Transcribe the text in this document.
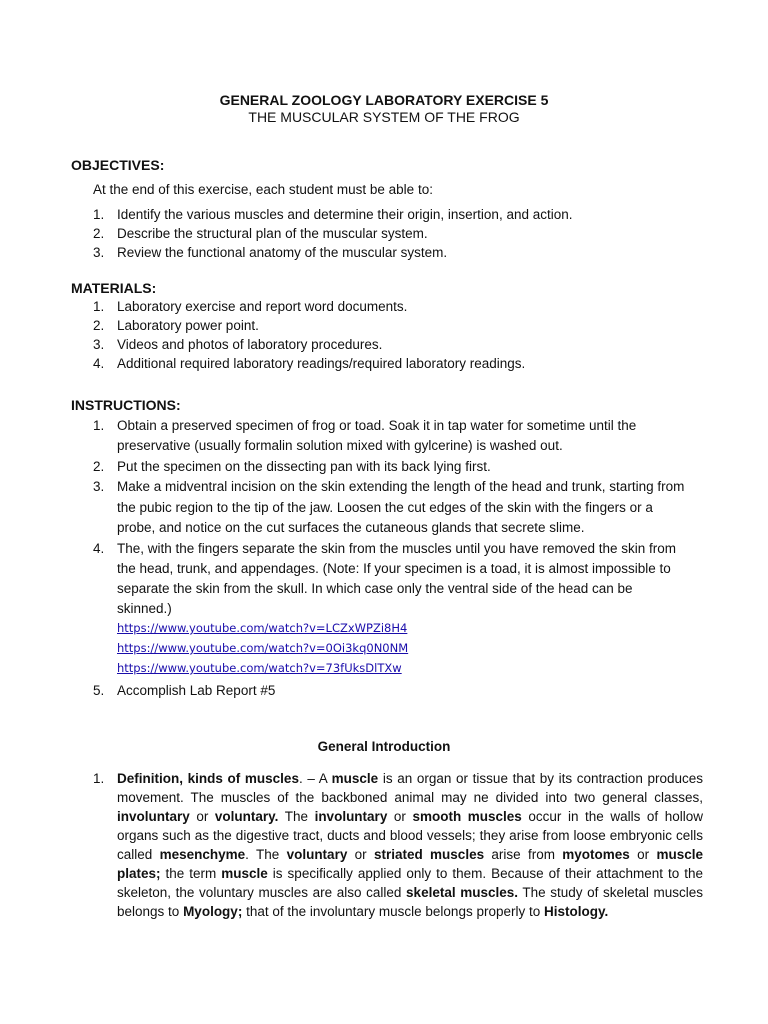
GENERAL ZOOLOGY LABORATORY EXERCISE 5
THE MUSCULAR SYSTEM OF THE FROG
OBJECTIVES:
At the end of this exercise, each student must be able to:
1. Identify the various muscles and determine their origin, insertion, and action.
2. Describe the structural plan of the muscular system.
3. Review the functional anatomy of the muscular system.
MATERIALS:
1. Laboratory exercise and report word documents.
2. Laboratory power point.
3. Videos and photos of laboratory procedures.
4. Additional required laboratory readings/required laboratory readings.
INSTRUCTIONS:
1. Obtain a preserved specimen of frog or toad. Soak it in tap water for sometime until the
preservative (usually formalin solution mixed with gylcerine) is washed out.
2. Put the specimen on the dissecting pan with its back lying first.
3. Make a midventral incision on the skin extending the length of the head and trunk, starting from
the pubic region to the tip of the jaw. Loosen the cut edges of the skin with the fingers or a
probe, and notice on the cut surfaces the cutaneous glands that secrete slime.
4. The, with the fingers separate the skin from the muscles until you have removed the skin from
the head, trunk, and appendages. (Note: If your specimen is a toad, it is almost impossible to
separate the skin from the skull. In which case only the ventral side of the head can be
skinned.)
https://www.youtube.com/watch?v=LCZxWPZi8H4
https://www.youtube.com/watch?v=0Oi3kq0N0NM
https://www.youtube.com/watch?v=73fUksDlTXw
5. Accomplish Lab Report #5
General Introduction
1. Definition, kinds of muscles. – A muscle is an organ or tissue that by its contraction produces movement. The muscles of the backboned animal may ne divided into two general classes, involuntary or voluntary. The involuntary or smooth muscles occur in the walls of hollow organs such as the digestive tract, ducts and blood vessels; they arise from loose embryonic cells called mesenchyme. The voluntary or striated muscles arise from myotomes or muscle plates; the term muscle is specifically applied only to them. Because of their attachment to the skeleton, the voluntary muscles are also called skeletal muscles. The study of skeletal muscles belongs to Myology; that of the involuntary muscle belongs properly to Histology.
